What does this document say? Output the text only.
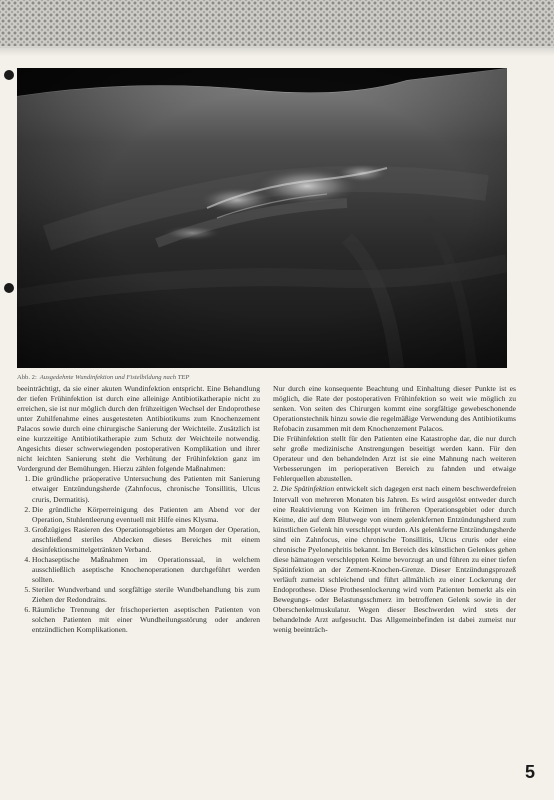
Abb. 2: Ausgedehnte Wundinfektion und Fistelbildung nach TEP

beeinträchtigt, da sie einer akuten Wundinfektion entspricht. Eine Behandlung der tiefen Frühinfektion ist durch eine alleinige Antibiotikatherapie nicht zu erreichen, sie ist nur möglich durch den frühzeitigen Wechsel der Endoprothese unter Zuhilfenahme eines ausgetesteten Antibiotikums zum Knochenzement Palacos sowie durch eine chirurgische Sanierung der Weichteile. Zusätzlich ist eine kurzzeitige Antibiotikatherapie zum Schutz der Weichteile notwendig. Angesichts dieser schwerwiegenden postoperativen Komplikation und ihrer nicht leichten Sanierung steht die Verhütung der Frühinfektion ganz im Vordergrund der Bemühungen. Hierzu zählen folgende Maßnahmen:

1. Die gründliche präoperative Untersuchung des Patienten mit Sanierung etwaiger Entzündungsherde (Zahnfocus, chronische Tonsillitis, Ulcus cruris, Dermatitis).
2. Die gründliche Körperreinigung des Patienten am Abend vor der Operation, Stuhlentleerung eventuell mit Hilfe eines Klysma.
3. Großzügiges Rasieren des Operationsgebietes am Morgen der Operation, anschließend steriles Abdecken dieses Bereiches mit einem desinfektionsmittelgetränkten Verband.
4. Hochaseptische Maßnahmen im Operationssaal, in welchem ausschließlich aseptische Knochenoperationen durchgeführt werden sollten.
5. Steriler Wundverband und sorgfältige sterile Wundbehandlung bis zum Ziehen der Redondrains.
6. Räumliche Trennung der frischoperierten aseptischen Patienten von solchen Patienten mit einer Wundheilungsstörung oder anderen entzündlichen Komplikationen.

Nur durch eine konsequente Beachtung und Einhaltung dieser Punkte ist es möglich, die Rate der postoperativen Frühinfektion so weit wie möglich zu senken. Von seiten des Chirurgen kommt eine sorgfältige gewebeschonende Operationstechnik hinzu sowie die regelmäßige Verwendung des Antibiotikums Refobacin zusammen mit dem Knochenzement Palacos.

Die Frühinfektion stellt für den Patienten eine Katastrophe dar, die nur durch sehr große medizinische Anstrengungen beseitigt werden kann. Für den Operateur und den behandelnden Arzt ist sie eine Mahnung nach weiteren Verbesserungen im perioperativen Bereich zu fahnden und etwaige Fehlerquellen abzustellen.

2. Die Spätinfektion entwickelt sich dagegen erst nach einem beschwerdefreien Intervall von mehreren Monaten bis Jahren. Es wird ausgelöst entweder durch eine Reaktivierung von Keimen im früheren Operationsgebiet oder durch Keime, die auf dem Blutwege von einem gelenkfernen Entzündungsherd zum künstlichen Gelenk hin verschleppt wurden. Als gelenkferne Entzündungsherde sind ein Zahnfocus, eine chronische Tonsillitis, Ulcus cruris oder eine chronische Pyelonephritis bekannt. Im Bereich des künstlichen Gelenkes gehen diese hämatogen verschleppten Keime bevorzugt an und führen zu einer tiefen Spätinfektion an der Zement-Knochen-Grenze. Dieser Entzündungsprozeß verläuft zumeist schleichend und führt allmählich zu einer Lockerung der Endoprothese. Diese Prothesenlockerung wird vom Patienten bemerkt als ein Bewegungs- oder Belastungsschmerz im betroffenen Gelenk sowie in der Oberschenkelmuskulatur. Wegen dieser Beschwerden wird stets der behandelnde Arzt aufgesucht. Das Allgemeinbefinden ist dabei zumeist nur wenig beeinträch-

5
